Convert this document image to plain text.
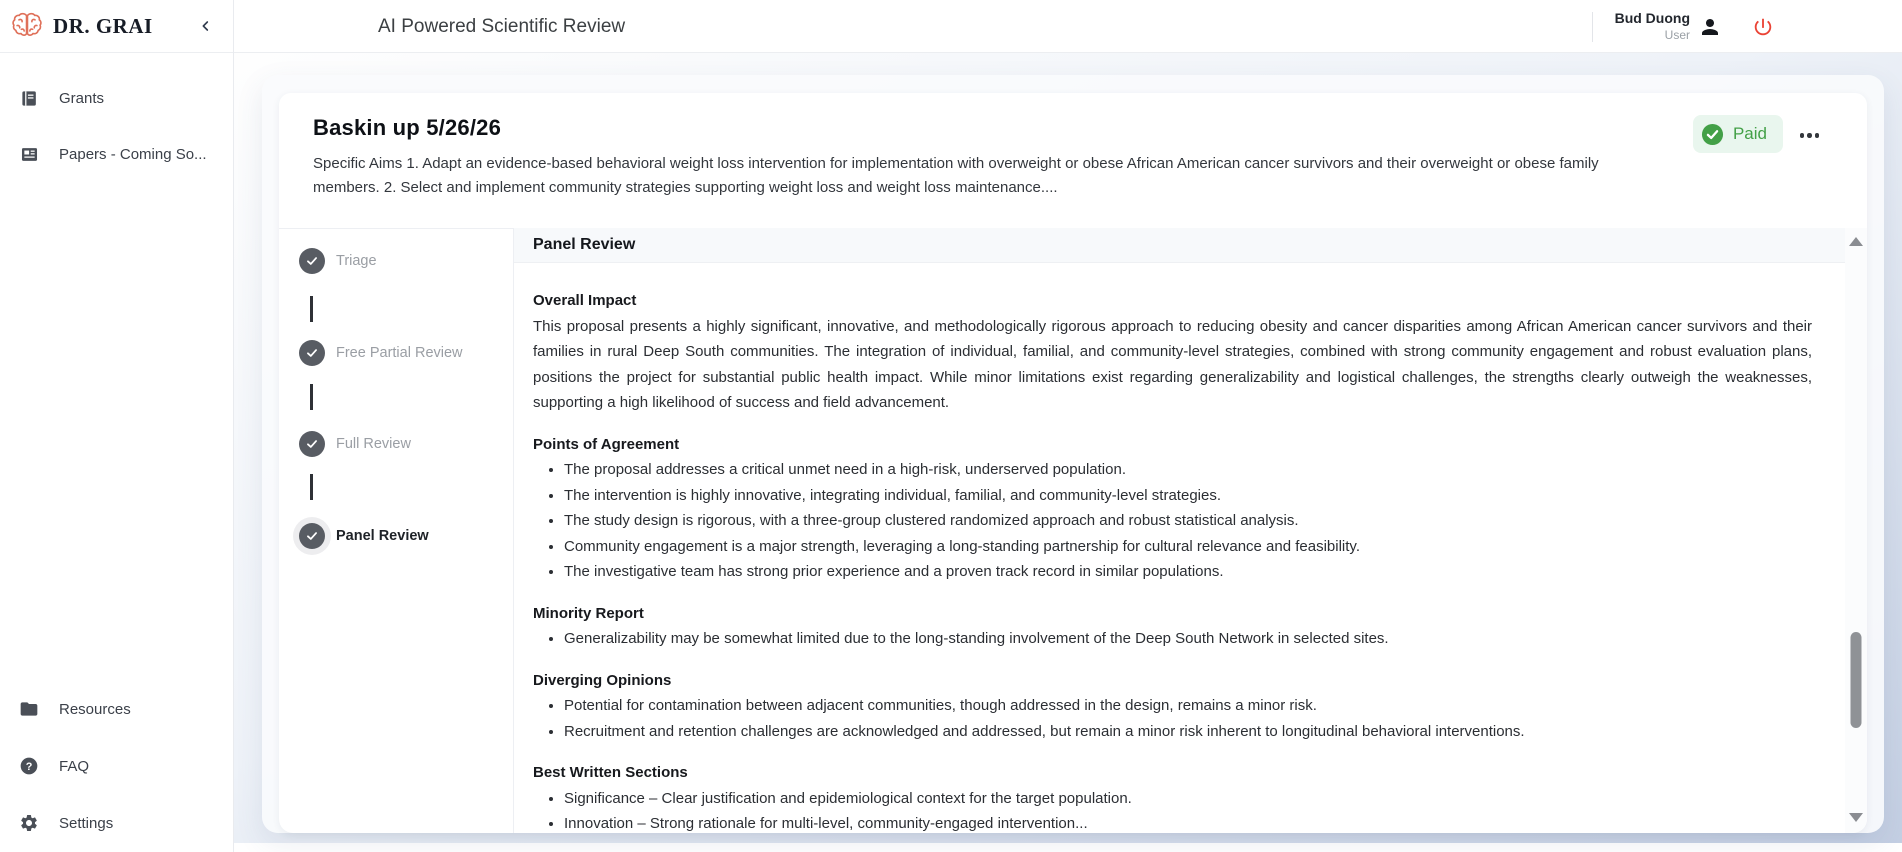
DR. GRAI
Grants
Papers - Coming So...
Resources
? FAQ
Settings
AI Powered Scientific Review	Bud Duong
User
Baskin up 5/26/26
Specific Aims 1. Adapt an evidence-based behavioral weight loss intervention for implementation with overweight or obese African American cancer survivors and their overweight or obese family members. 2. Select and implement community strategies supporting weight loss and weight loss maintenance....
Paid
Triage
Free Partial Review
Full Review
Panel Review
Panel Review
Overall Impact

This proposal presents a highly significant, innovative, and methodologically rigorous approach to reducing obesity and cancer disparities among African American cancer survivors and their families in rural Deep South communities. The integration of individual, familial, and community-level strategies, combined with strong community engagement and robust evaluation plans, positions the project for substantial public health impact. While minor limitations exist regarding generalizability and logistical challenges, the strengths clearly outweigh the weaknesses, supporting a high likelihood of success and field advancement.

Points of Agreement
• The proposal addresses a critical unmet need in a high-risk, underserved population.
• The intervention is highly innovative, integrating individual, familial, and community-level strategies.
• The study design is rigorous, with a three-group clustered randomized approach and robust statistical analysis.
• Community engagement is a major strength, leveraging a long-standing partnership for cultural relevance and feasibility.
• The investigative team has strong prior experience and a proven track record in similar populations.
Minority Report
• Generalizability may be somewhat limited due to the long-standing involvement of the Deep South Network in selected sites.
Diverging Opinions
• Potential for contamination between adjacent communities, though addressed in the design, remains a minor risk.
• Recruitment and retention challenges are acknowledged and addressed, but remain a minor risk inherent to longitudinal behavioral interventions.
Best Written Sections
• Significance – Clear justification and epidemiological context for the target population.
• Innovation – Strong rationale for multi-level, community-engaged intervention...
